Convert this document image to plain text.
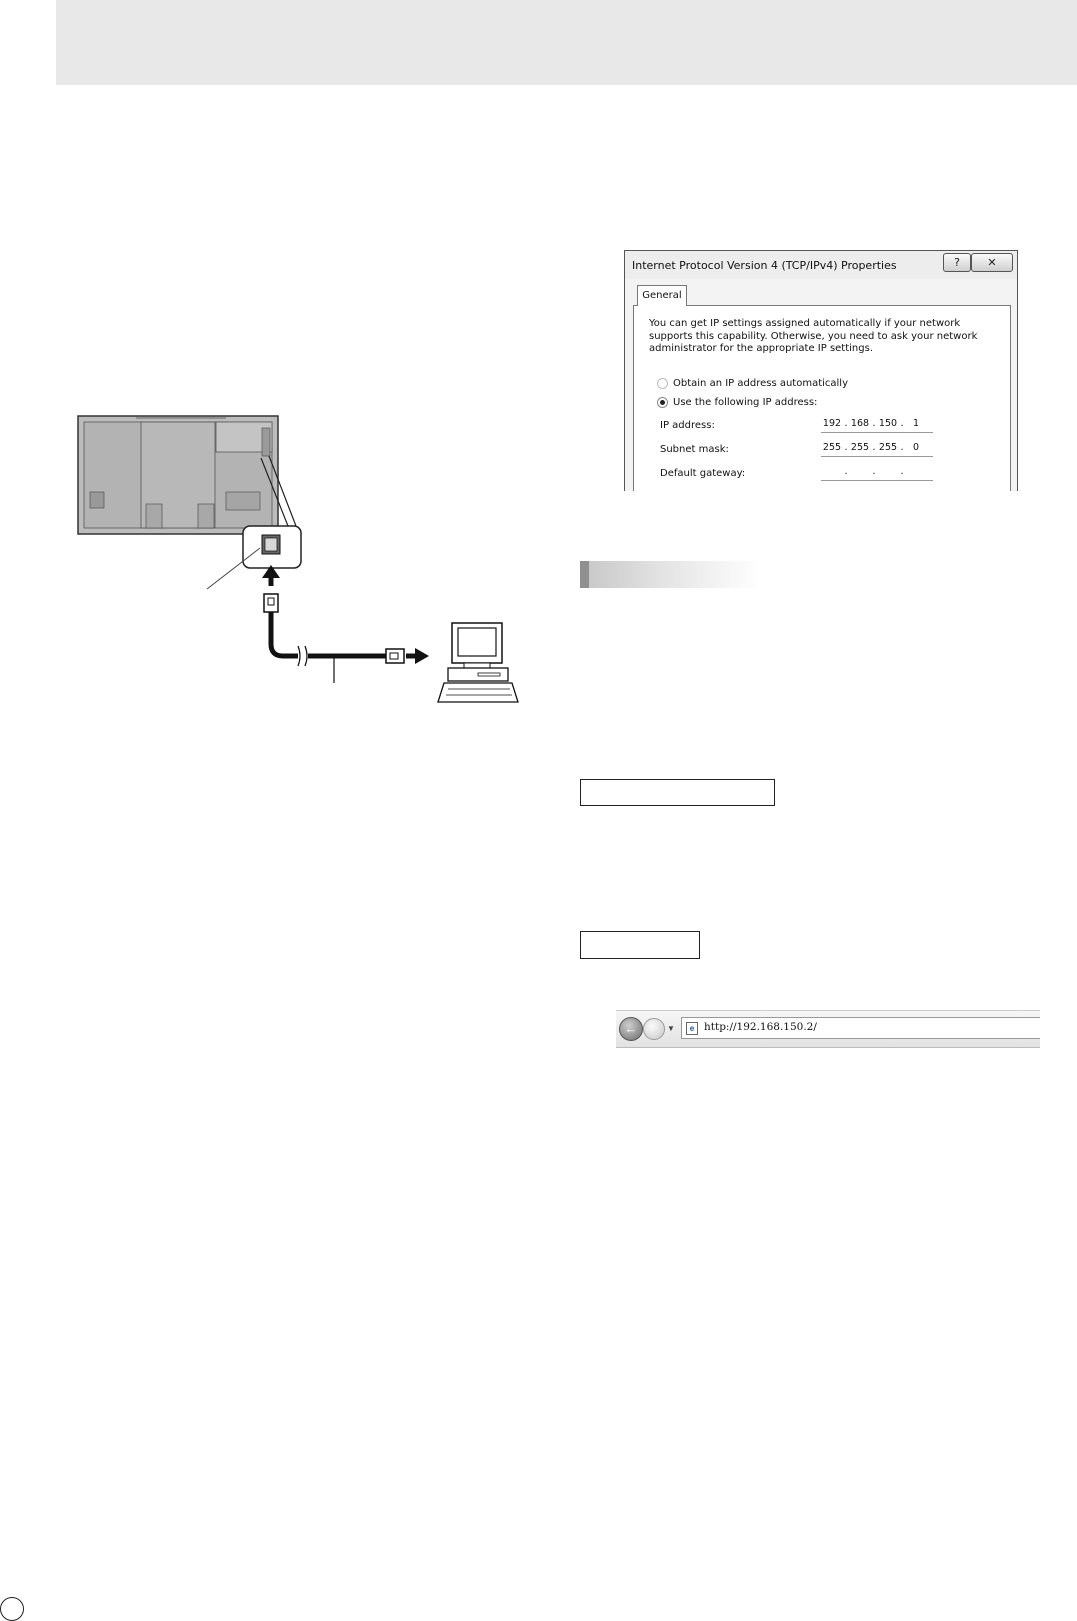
Internet Protocol Version 4 (TCP/IPv4) Properties	?	✕
General
You can get IP settings assigned automatically if your network supports this capability. Otherwise, you need to ask your network administrator for the appropriate IP settings.
Obtain an IP address automatically
Use the following IP address:
IP address:	192 . 168 . 150 . 1
Subnet mask:	255 . 255 . 255 . 0
Default gateway:	.	.	.
←	▼	e http://192.168.150.2/
